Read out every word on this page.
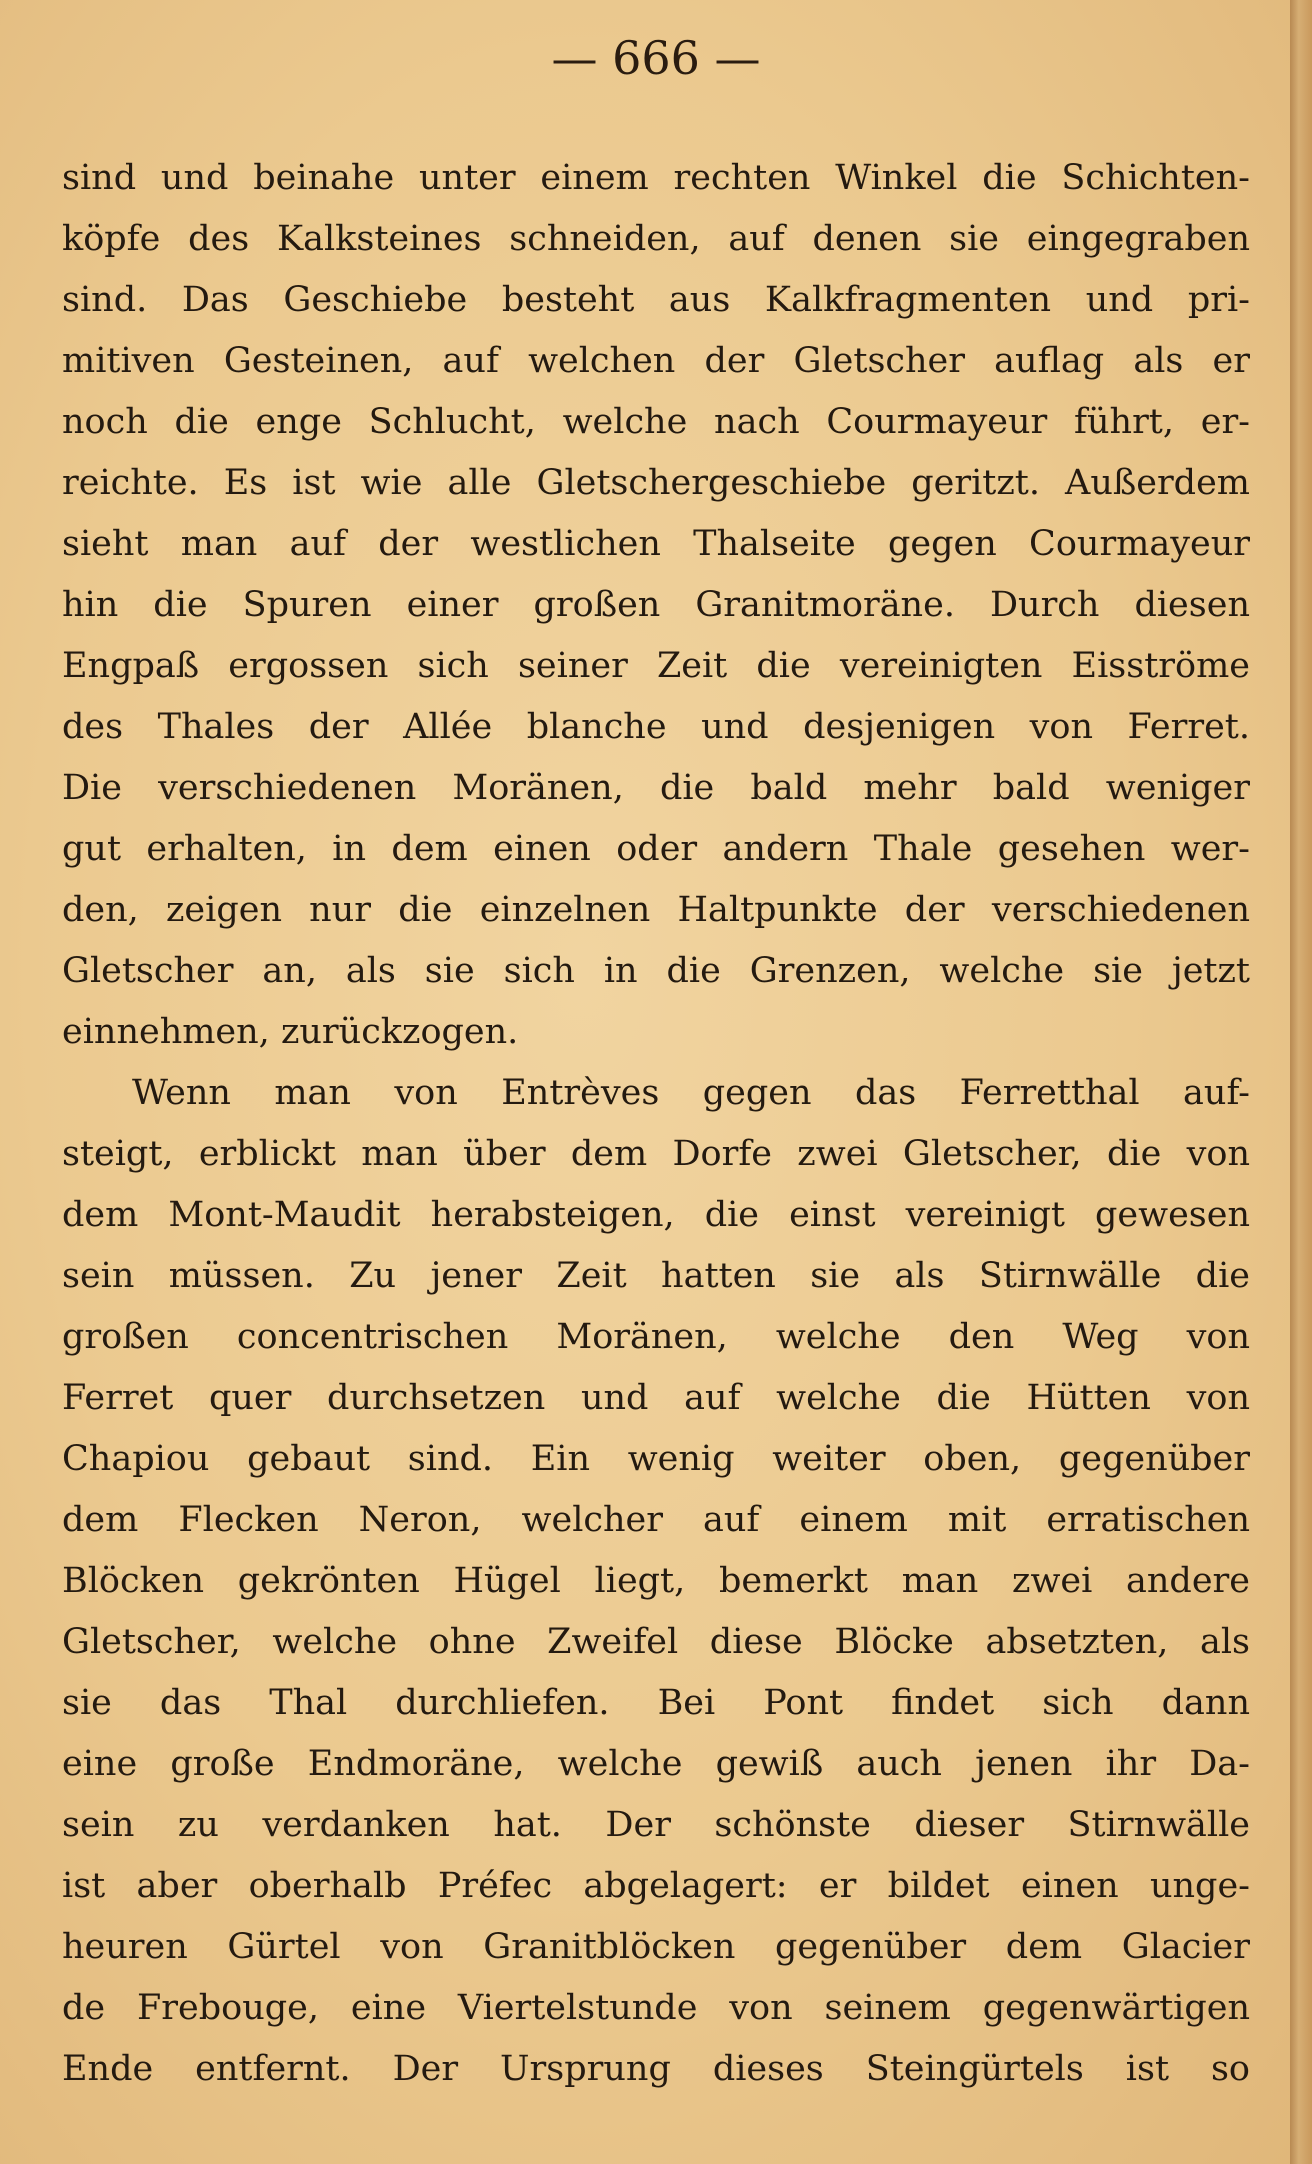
— 666 —
sind und beinahe unter einem rechten Winkel die Schichten-
köpfe des Kalksteines schneiden, auf denen sie eingegraben
sind. Das Geschiebe besteht aus Kalkfragmenten und pri-
mitiven Gesteinen, auf welchen der Gletscher auflag als er
noch die enge Schlucht, welche nach Courmayeur führt, er-
reichte. Es ist wie alle Gletschergeschiebe geritzt. Außerdem
sieht man auf der westlichen Thalseite gegen Courmayeur
hin die Spuren einer großen Granitmoräne. Durch diesen
Engpaß ergossen sich seiner Zeit die vereinigten Eisströme
des Thales der Allée blanche und desjenigen von Ferret.
Die verschiedenen Moränen, die bald mehr bald weniger
gut erhalten, in dem einen oder andern Thale gesehen wer-
den, zeigen nur die einzelnen Haltpunkte der verschiedenen
Gletscher an, als sie sich in die Grenzen, welche sie jetzt
einnehmen, zurückzogen.
Wenn man von Entrèves gegen das Ferretthal auf-
steigt, erblickt man über dem Dorfe zwei Gletscher, die von
dem Mont-Maudit herabsteigen, die einst vereinigt gewesen
sein müssen. Zu jener Zeit hatten sie als Stirnwälle die
großen concentrischen Moränen, welche den Weg von
Ferret quer durchsetzen und auf welche die Hütten von
Chapiou gebaut sind. Ein wenig weiter oben, gegenüber
dem Flecken Neron, welcher auf einem mit erratischen
Blöcken gekrönten Hügel liegt, bemerkt man zwei andere
Gletscher, welche ohne Zweifel diese Blöcke absetzten, als
sie das Thal durchliefen. Bei Pont findet sich dann
eine große Endmoräne, welche gewiß auch jenen ihr Da-
sein zu verdanken hat. Der schönste dieser Stirnwälle
ist aber oberhalb Préfec abgelagert: er bildet einen unge-
heuren Gürtel von Granitblöcken gegenüber dem Glacier
de Frebouge, eine Viertelstunde von seinem gegenwärtigen
Ende entfernt. Der Ursprung dieses Steingürtels ist so
